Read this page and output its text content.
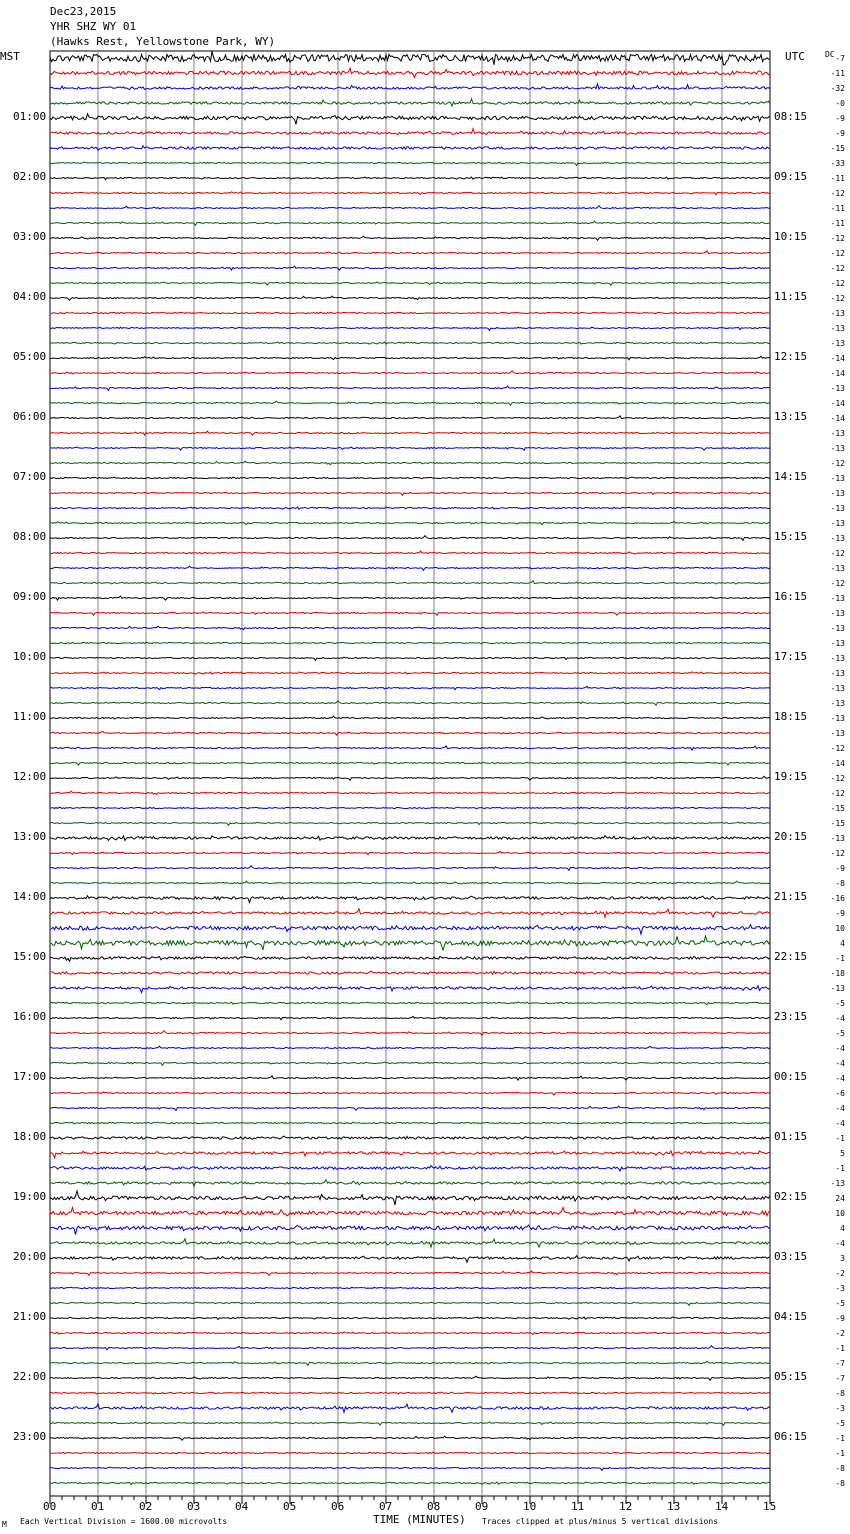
Dec23,2015
YHR SHZ WY 01
(Hawks Rest, Yellowstone Park, WY)
MST	UTC	DC
M Each Vertical Division = 1600.00 microvolts	TIME (MINUTES) Traces clipped at plus/minus 5 vertical divisions
01:00
02:00
03:00
04:00
05:00
06:00
07:00
08:00
09:00
10:00
11:00
12:00
13:00
14:00
15:00
16:00
17:00
18:00
19:00
20:00
21:00
22:00
23:00
08:15
09:15
10:15
11:15
12:15
13:15
14:15
15:15
16:15
17:15
18:15
19:15
20:15
21:15
22:15
23:15
00:15
01:15
02:15
03:15
04:15
05:15
06:15
-7
-11
-32
-0
-9
-9
-15
-33
-11
-12
-11
-11
-12
-12
-12
-12
-12
-13
-13
-13
-14
-14
-13
-14
-14
-13
-13
-12
-13
-13
-13
-13
-13
-12
-13
-12
-13
-13
-13
-13
-13
-13
-13
-13
-13
-13
-12
-14
-12
-12
-15
-15
-13
-12
-9
-8
-16
-9
10
4
-1
-18
-13
-5
-4
-5
-4
-4
-4
-6
-4
-4
-1
5
-1
-13
24
10
4
-4
3
-2
-3
-5
-9
-2
-1
-7
-7
-8
-3
-5
-1
-1
-8
-8
00	01	02	03	04	05	06	07	08	09	10	11	12	13	14	15
